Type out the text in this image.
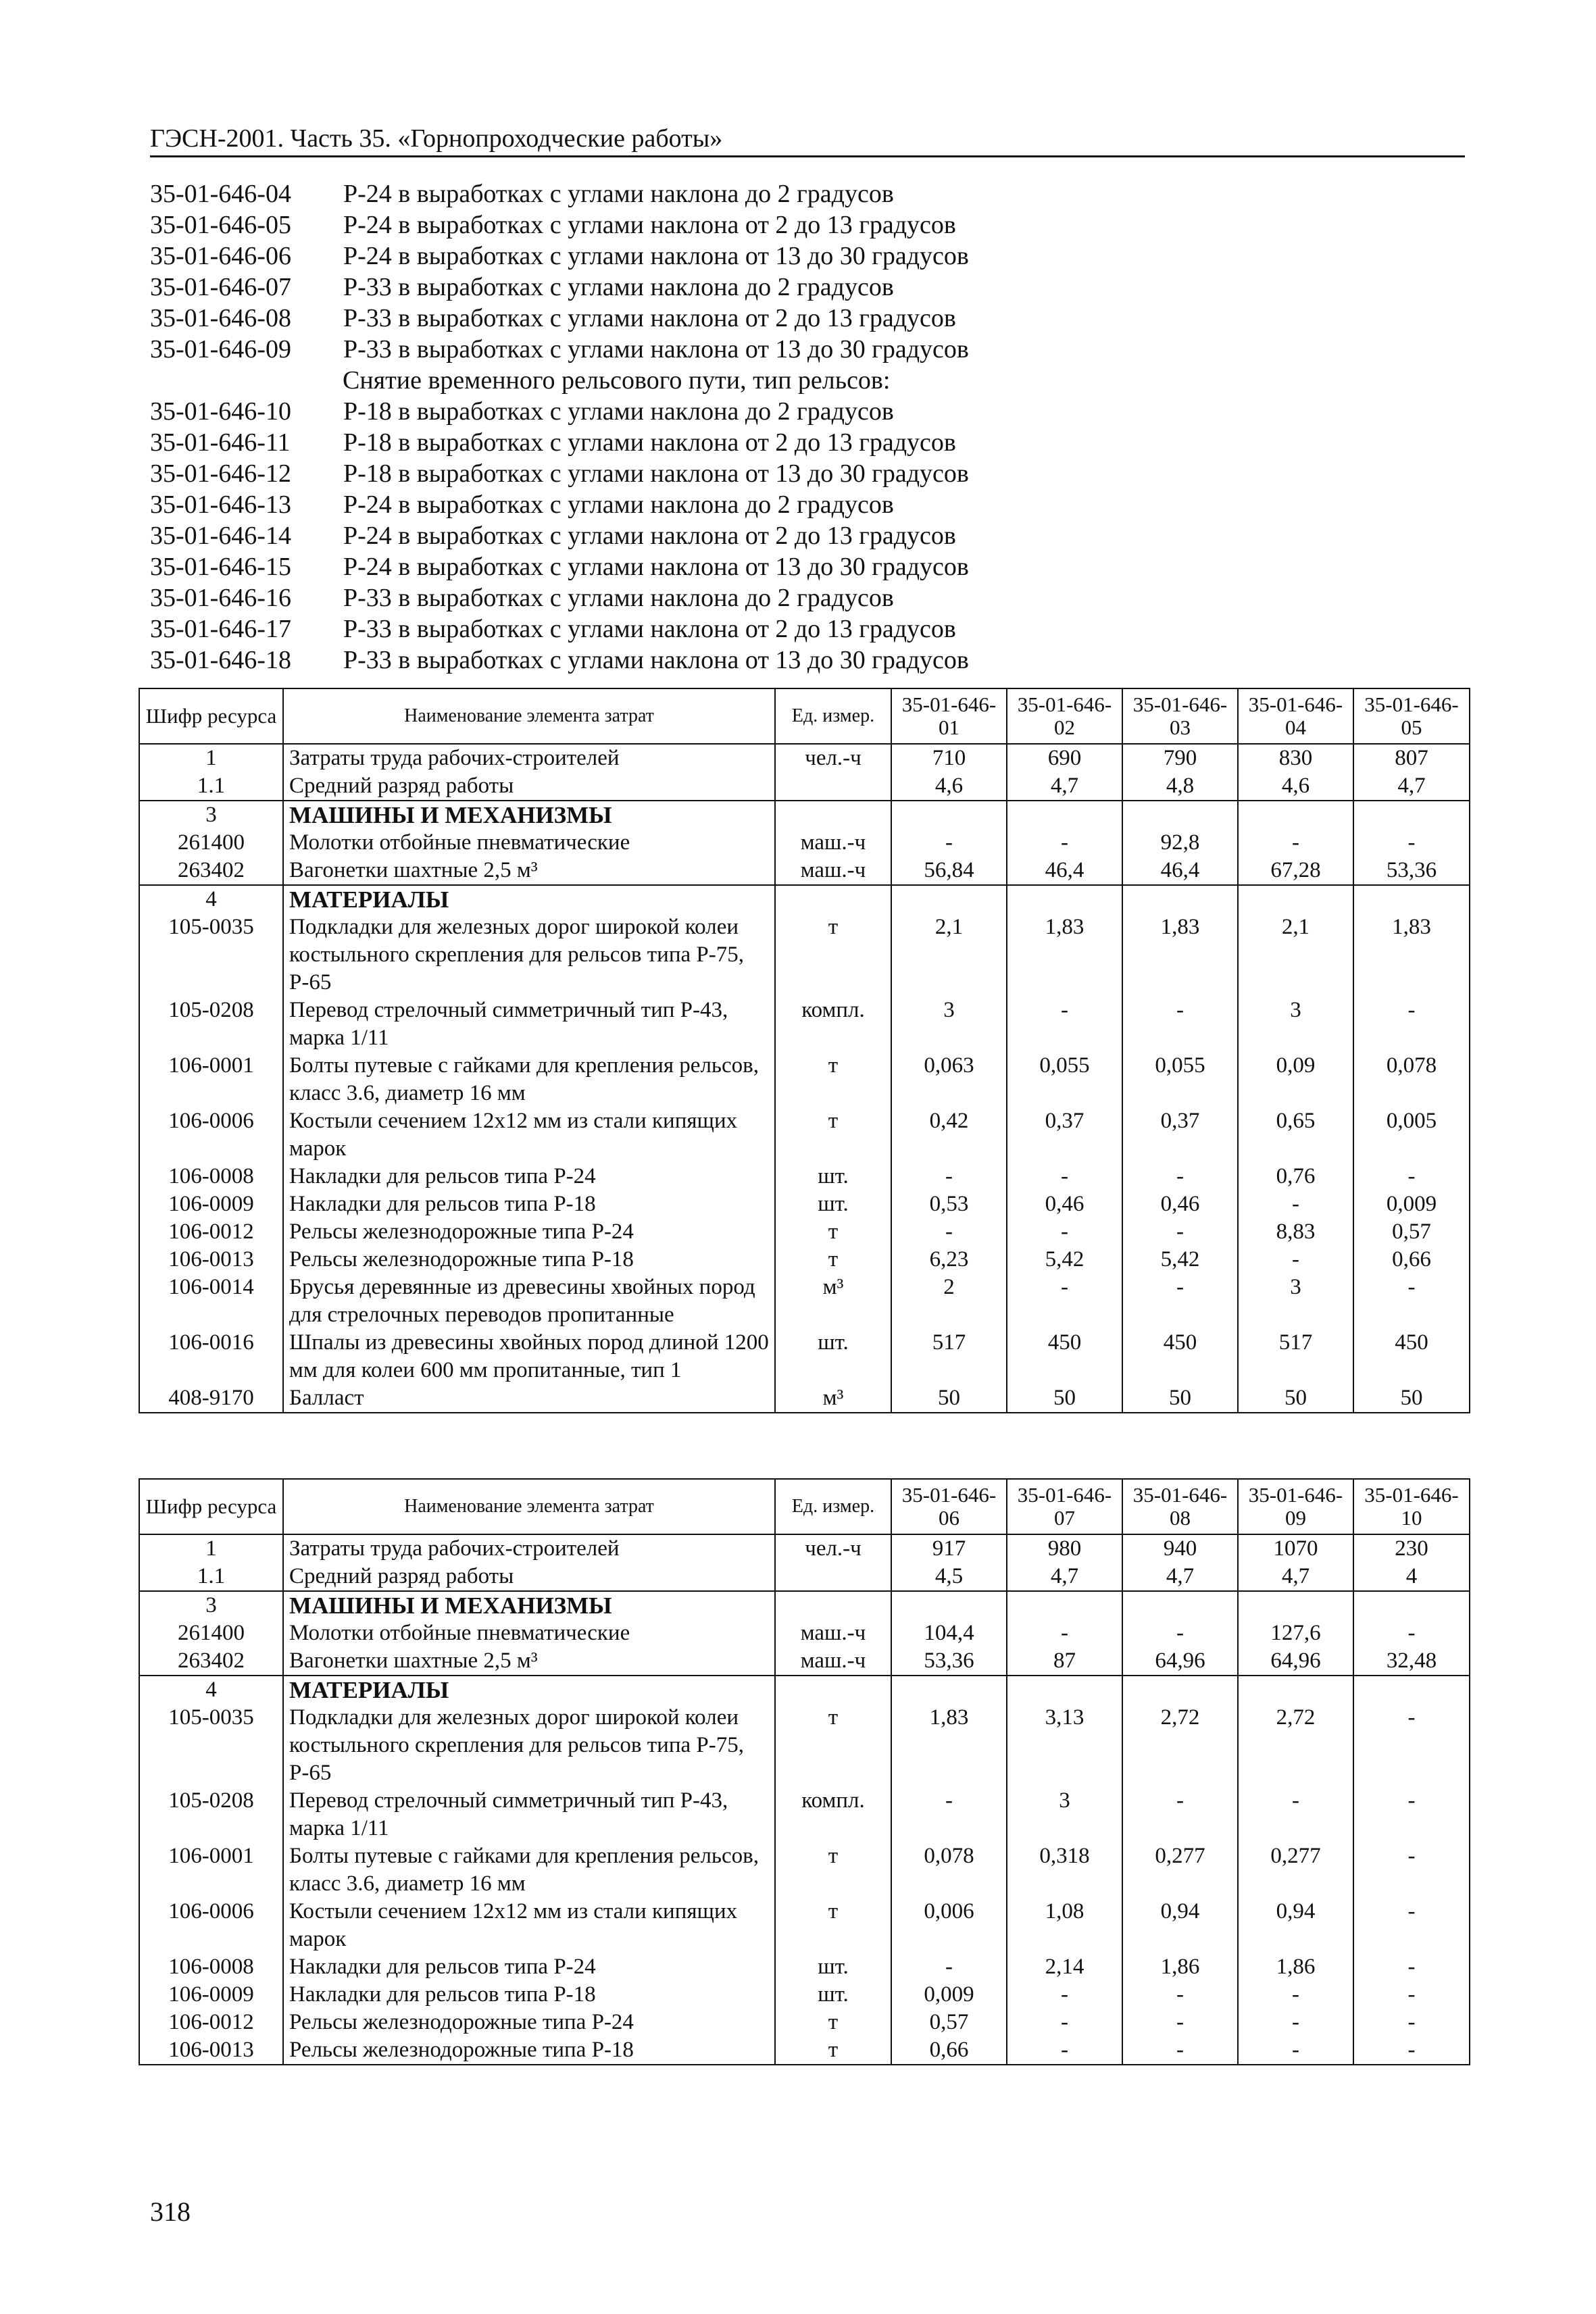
ГЭСН-2001. Часть 35. «Горнопроходческие работы»
35-01-646-04	Р-24 в выработках с углами наклона до 2 градусов
35-01-646-05	Р-24 в выработках с углами наклона от 2 до 13 градусов
35-01-646-06	Р-24 в выработках с углами наклона от 13 до 30 градусов
35-01-646-07	Р-33 в выработках с углами наклона до 2 градусов
35-01-646-08	Р-33 в выработках с углами наклона от 2 до 13 градусов
35-01-646-09	Р-33 в выработках с углами наклона от 13 до 30 градусов
Снятие временного рельсового пути, тип рельсов:
35-01-646-10	Р-18 в выработках с углами наклона до 2 градусов
35-01-646-11	Р-18 в выработках с углами наклона от 2 до 13 градусов
35-01-646-12	Р-18 в выработках с углами наклона от 13 до 30 градусов
35-01-646-13	Р-24 в выработках с углами наклона до 2 градусов
35-01-646-14	Р-24 в выработках с углами наклона от 2 до 13 градусов
35-01-646-15	Р-24 в выработках с углами наклона от 13 до 30 градусов
35-01-646-16	Р-33 в выработках с углами наклона до 2 градусов
35-01-646-17	Р-33 в выработках с углами наклона от 2 до 13 градусов
35-01-646-18	Р-33 в выработках с углами наклона от 13 до 30 градусов
Шифр ресурса	Наименование элемента затрат	Ед. измер.	35-01-646-01	35-01-646-02	35-01-646-03	35-01-646-04	35-01-646-05
1	Затраты труда рабочих-строителей	чел.-ч	710	690	790	830	807
1.1	Средний разряд работы		4,6	4,7	4,8	4,6	4,7
3	МАШИНЫ И МЕХАНИЗМЫ						
261400	Молотки отбойные пневматические	маш.-ч	-	-	92,8	-	-
263402	Вагонетки шахтные 2,5 м³	маш.-ч	56,84	46,4	46,4	67,28	53,36
4	МАТЕРИАЛЫ						
105-0035	Подкладки для железных дорог широкой колеи костыльного скрепления для рельсов типа Р-75, Р-65	т	2,1	1,83	1,83	2,1	1,83
105-0208	Перевод стрелочный симметричный тип Р-43, марка 1/11	компл.	3	-	-	3	-
106-0001	Болты путевые с гайками для крепления рельсов, класс 3.6, диаметр 16 мм	т	0,063	0,055	0,055	0,09	0,078
106-0006	Костыли сечением 12x12 мм из стали кипящих марок	т	0,42	0,37	0,37	0,65	0,005
106-0008	Накладки для рельсов типа Р-24	шт.	-	-	-	0,76	-
106-0009	Накладки для рельсов типа Р-18	шт.	0,53	0,46	0,46	-	0,009
106-0012	Рельсы железнодорожные типа Р-24	т	-	-	-	8,83	0,57
106-0013	Рельсы железнодорожные типа Р-18	т	6,23	5,42	5,42	-	0,66
106-0014	Брусья деревянные из древесины хвойных пород для стрелочных переводов пропитанные	м³	2	-	-	3	-
106-0016	Шпалы из древесины хвойных пород длиной 1200 мм для колеи 600 мм пропитанные, тип 1	шт.	517	450	450	517	450
408-9170	Балласт	м³	50	50	50	50	50
Шифр ресурса	Наименование элемента затрат	Ед. измер.	35-01-646-06	35-01-646-07	35-01-646-08	35-01-646-09	35-01-646-10
1	Затраты труда рабочих-строителей	чел.-ч	917	980	940	1070	230
1.1	Средний разряд работы		4,5	4,7	4,7	4,7	4
3	МАШИНЫ И МЕХАНИЗМЫ						
261400	Молотки отбойные пневматические	маш.-ч	104,4	-	-	127,6	-
263402	Вагонетки шахтные 2,5 м³	маш.-ч	53,36	87	64,96	64,96	32,48
4	МАТЕРИАЛЫ						
105-0035	Подкладки для железных дорог широкой колеи костыльного скрепления для рельсов типа Р-75, Р-65	т	1,83	3,13	2,72	2,72	-
105-0208	Перевод стрелочный симметричный тип Р-43, марка 1/11	компл.	-	3	-	-	-
106-0001	Болты путевые с гайками для крепления рельсов, класс 3.6, диаметр 16 мм	т	0,078	0,318	0,277	0,277	-
106-0006	Костыли сечением 12x12 мм из стали кипящих марок	т	0,006	1,08	0,94	0,94	-
106-0008	Накладки для рельсов типа Р-24	шт.	-	2,14	1,86	1,86	-
106-0009	Накладки для рельсов типа Р-18	шт.	0,009	-	-	-	-
106-0012	Рельсы железнодорожные типа Р-24	т	0,57	-	-	-	-
106-0013	Рельсы железнодорожные типа Р-18	т	0,66	-	-	-	-
318
